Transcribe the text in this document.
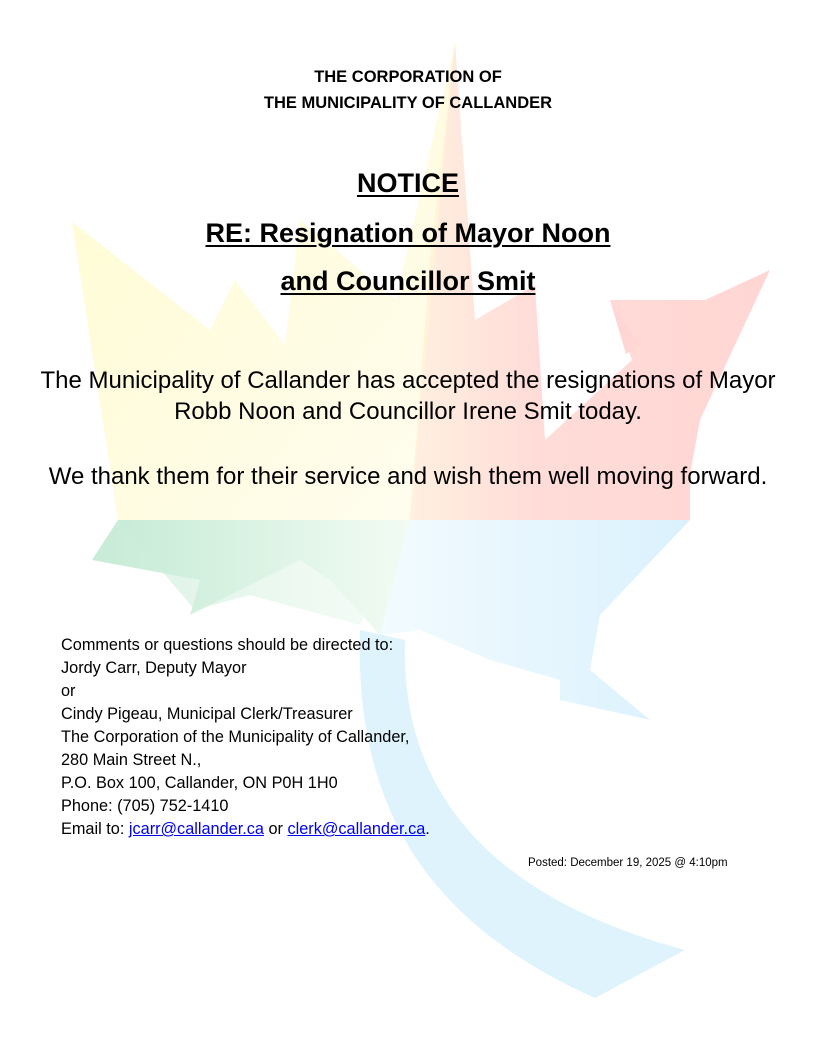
THE CORPORATION OF
THE MUNICIPALITY OF CALLANDER
NOTICE
RE: Resignation of Mayor Noon
and Councillor Smit
The Municipality of Callander has accepted the resignations of Mayor Robb Noon and Councillor Irene Smit today.
We thank them for their service and wish them well moving forward.
Comments or questions should be directed to:
Jordy Carr, Deputy Mayor
or
Cindy Pigeau, Municipal Clerk/Treasurer
The Corporation of the Municipality of Callander,
280 Main Street N.,
P.O. Box 100, Callander, ON P0H 1H0
Phone: (705) 752-1410
Email to: jcarr@callander.ca or clerk@callander.ca.
Posted: December 19, 2025 @ 4:10pm
